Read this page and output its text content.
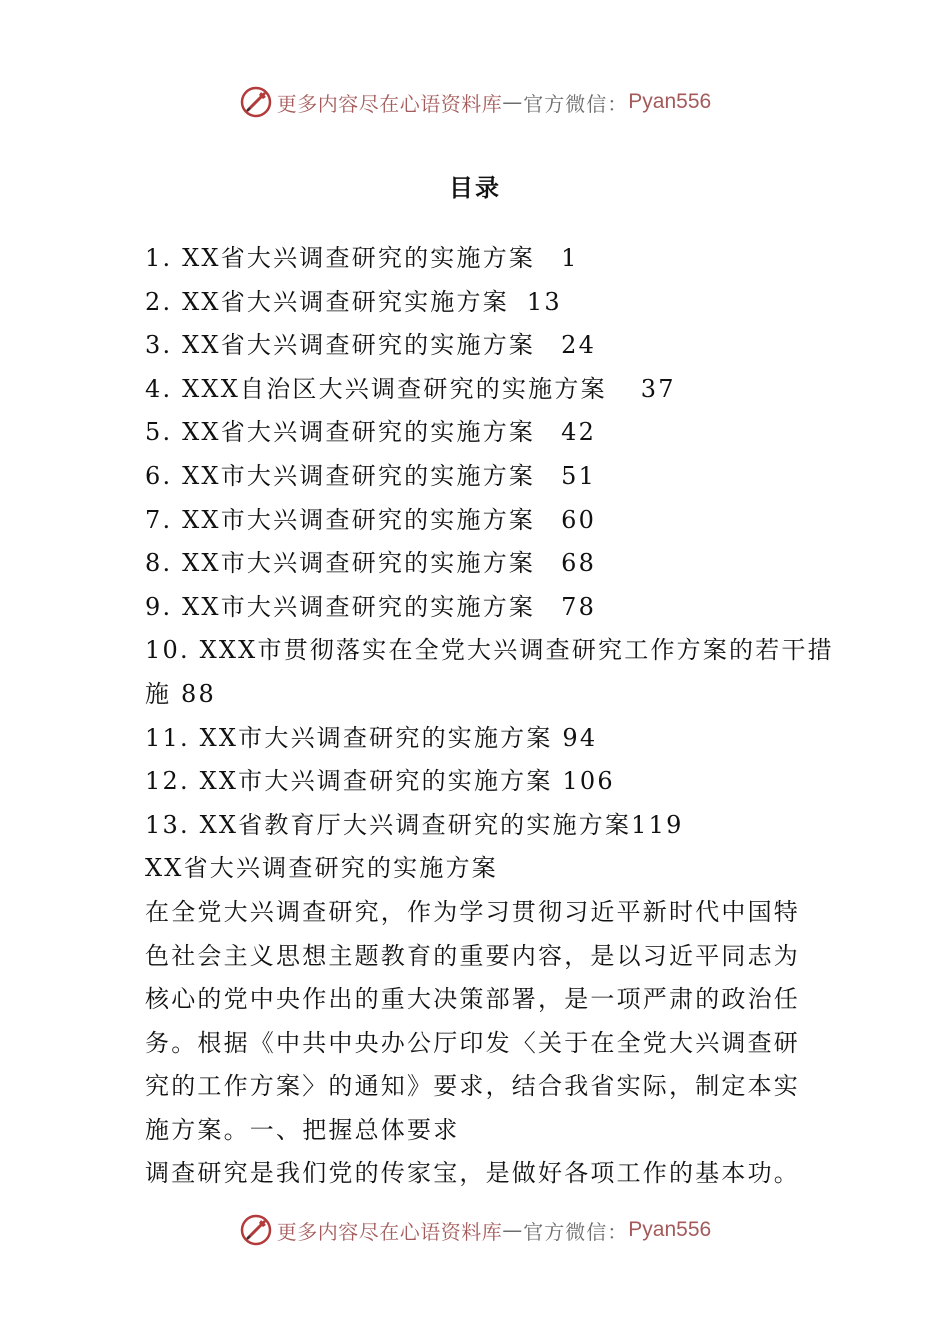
更多内容尽在心语资料库 — 官方微信： Pyan556
目录
1. XX省大兴调查研究的实施方案 1
2. XX省大兴调查研究实施方案 13
3. XX省大兴调查研究的实施方案 24
4. XXX自治区大兴调查研究的实施方案 37
5. XX省大兴调查研究的实施方案 42
6. XX市大兴调查研究的实施方案 51
7. XX市大兴调查研究的实施方案 60
8. XX市大兴调查研究的实施方案 68
9. XX市大兴调查研究的实施方案 78
10. XXX市贯彻落实在全党大兴调查研究工作方案的若干措
施 88
11. XX市大兴调查研究的实施方案 94
12. XX市大兴调查研究的实施方案 106
13. XX省教育厅大兴调查研究的实施方案119
XX省大兴调查研究的实施方案
在全党大兴调查研究，作为学习贯彻习近平新时代中国特
色社会主义思想主题教育的重要内容，是以习近平同志为
核心的党中央作出的重大决策部署，是一项严肃的政治任
务。根据《中共中央办公厅印发〈关于在全党大兴调查研
究的工作方案〉的通知》要求，结合我省实际，制定本实
施方案。一、把握总体要求
调查研究是我们党的传家宝，是做好各项工作的基本功。
更多内容尽在心语资料库 — 官方微信： Pyan556
